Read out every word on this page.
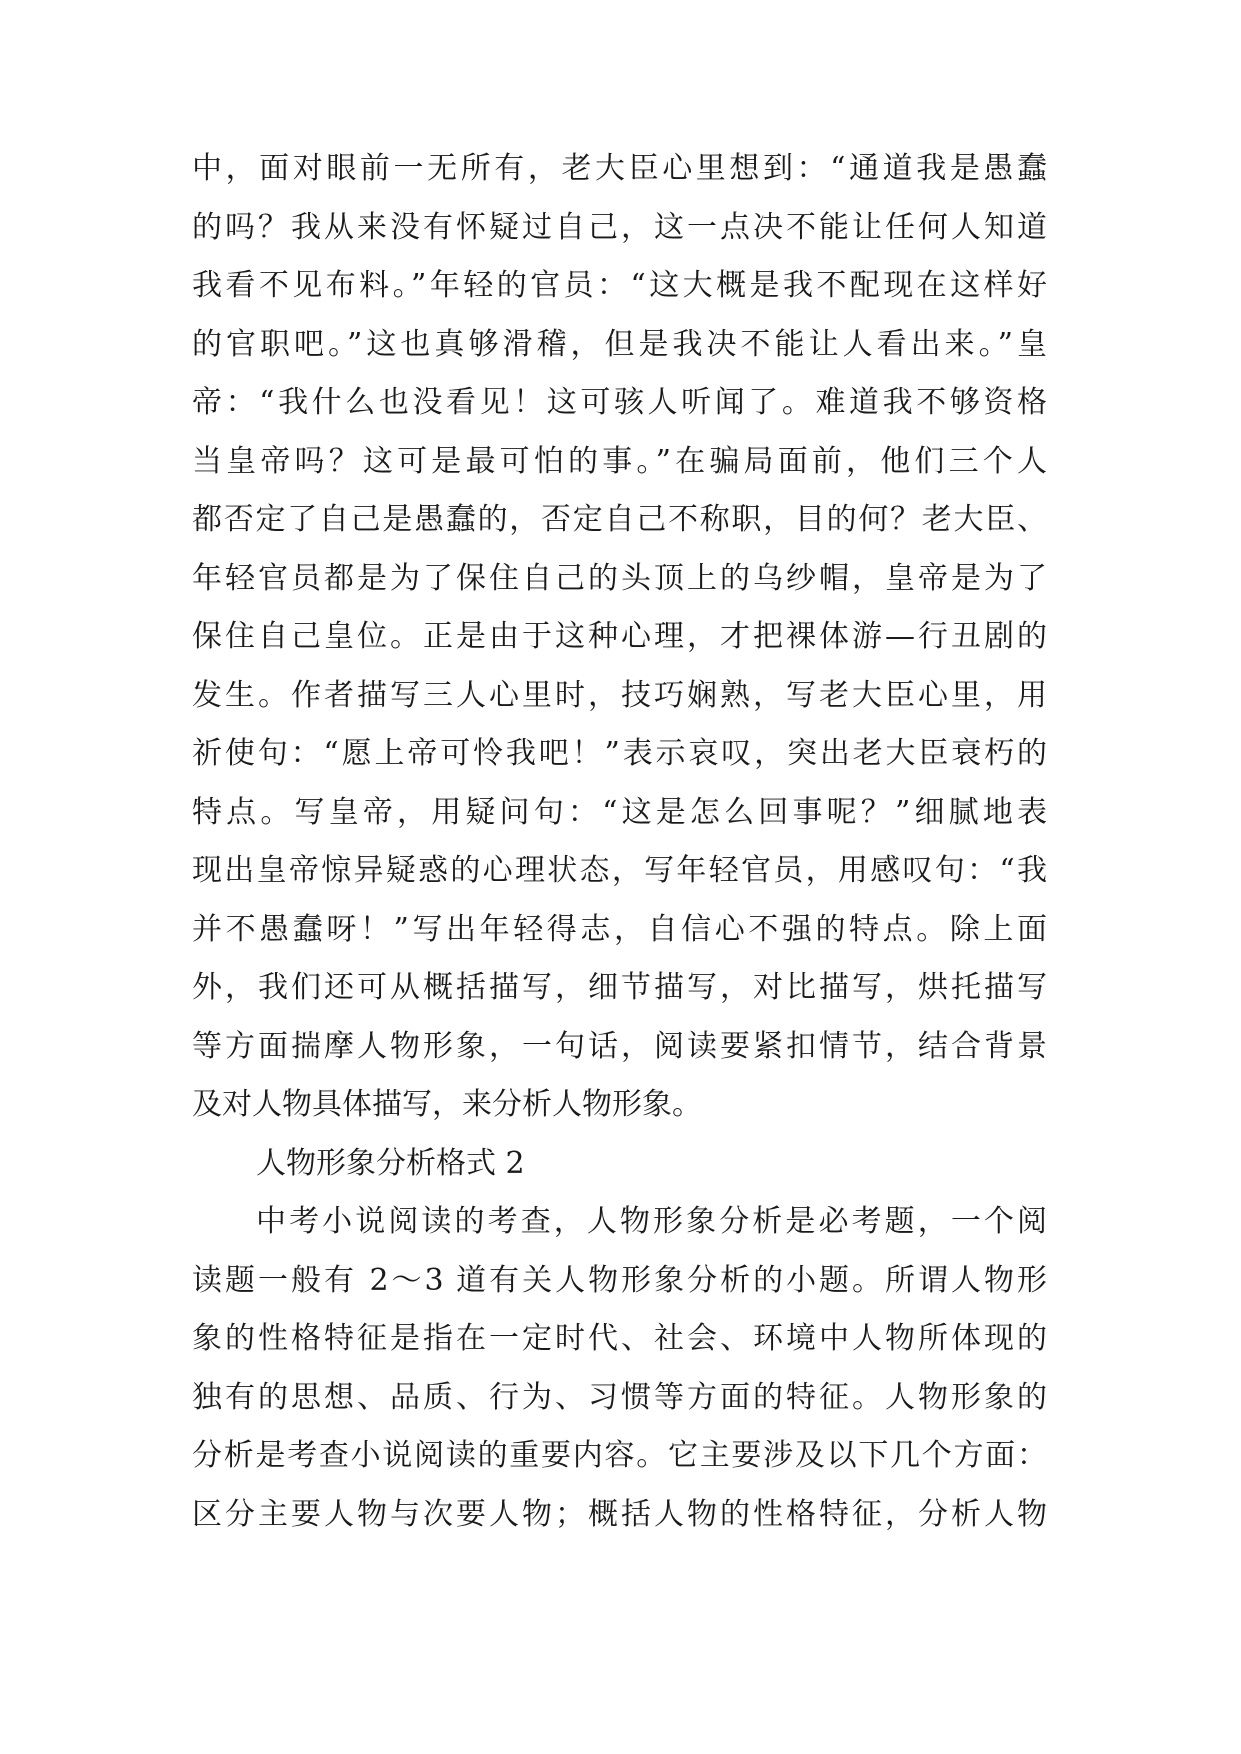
中，面对眼前一无所有，老大臣心里想到：“通道我是愚蠢
的吗？我从来没有怀疑过自己，这一点决不能让任何人知道
我看不见布料。”年轻的官员：“这大概是我不配现在这样好
的官职吧。”这也真够滑稽，但是我决不能让人看出来。”皇
帝：“我什么也没看见！这可骇人听闻了。难道我不够资格
当皇帝吗？这可是最可怕的事。”在骗局面前，他们三个人
都否定了自己是愚蠢的，否定自己不称职，目的何？老大臣、
年轻官员都是为了保住自己的头顶上的乌纱帽，皇帝是为了
保住自己皇位。正是由于这种心理，才把裸体游—行丑剧的
发生。作者描写三人心里时，技巧娴熟，写老大臣心里，用
祈使句：“愿上帝可怜我吧！”表示哀叹，突出老大臣衰朽的
特点。写皇帝，用疑问句：“这是怎么回事呢？”细腻地表
现出皇帝惊异疑惑的心理状态，写年轻官员，用感叹句：“我
并不愚蠢呀！”写出年轻得志，自信心不强的特点。除上面
外，我们还可从概括描写，细节描写，对比描写，烘托描写
等方面揣摩人物形象，一句话，阅读要紧扣情节，结合背景
及对人物具体描写，来分析人物形象。
人物形象分析格式 2
中考小说阅读的考查，人物形象分析是必考题，一个阅
读题一般有 2～3 道有关人物形象分析的小题。所谓人物形
象的性格特征是指在一定时代、社会、环境中人物所体现的
独有的思想、品质、行为、习惯等方面的特征。人物形象的
分析是考查小说阅读的重要内容。它主要涉及以下几个方面：
区分主要人物与次要人物；概括人物的性格特征，分析人物
